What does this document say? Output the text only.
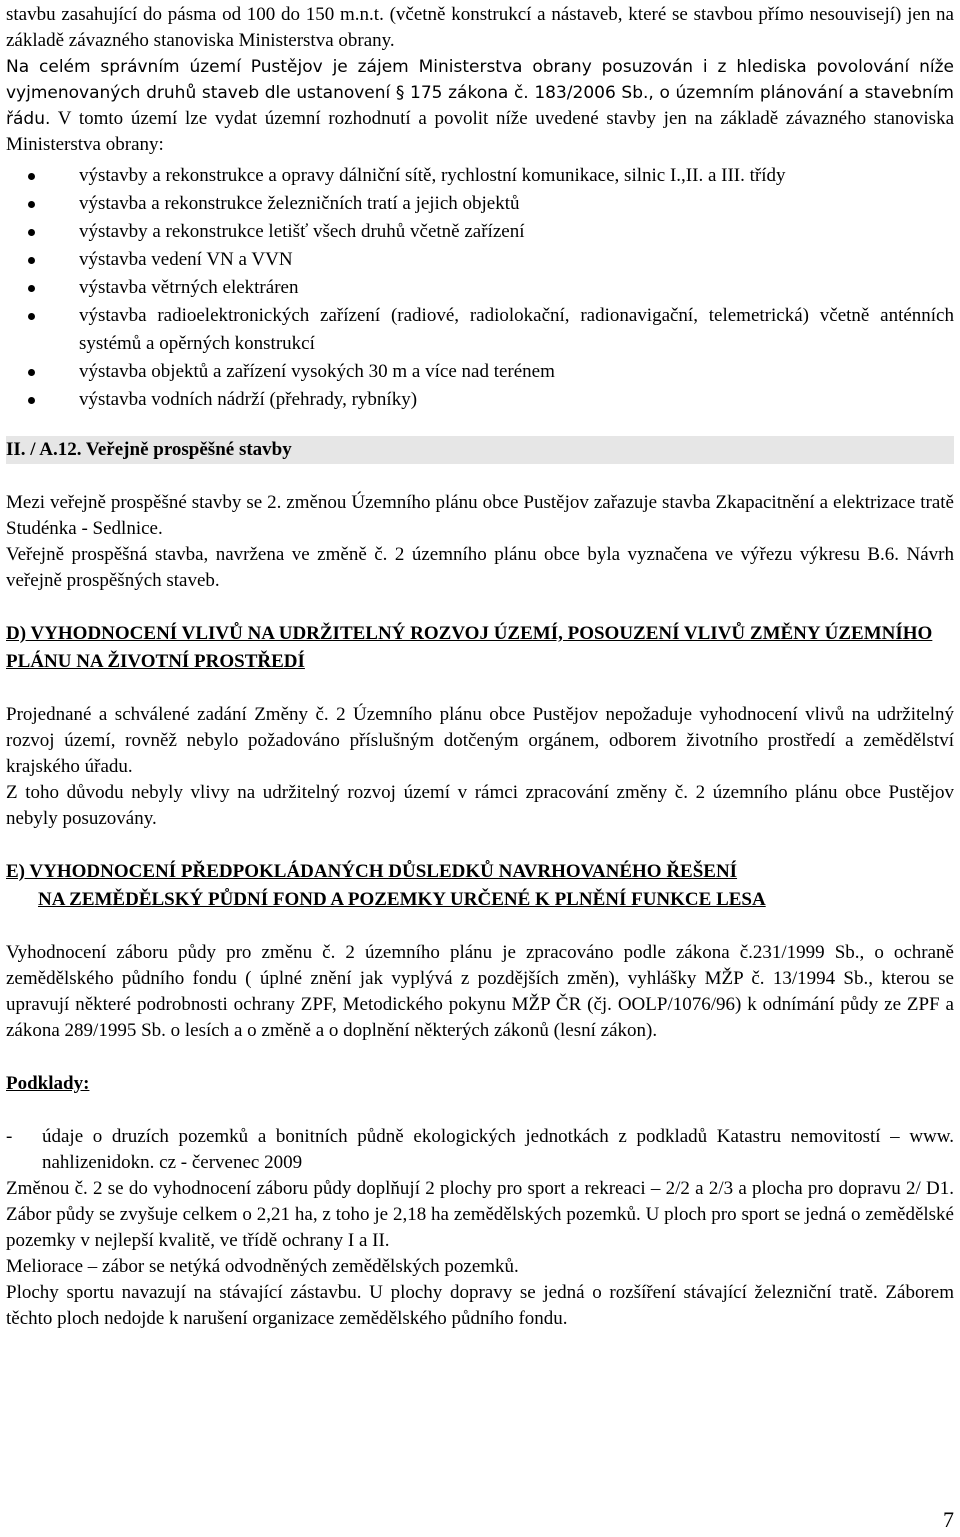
stavbu zasahující do pásma od 100 do 150 m.n.t. (včetně konstrukcí a nástaveb, které se stavbou přímo nesouvisejí) jen na základě závazného stanoviska Ministerstva obrany.

Na celém správním území Pustějov je zájem Ministerstva obrany posuzován i z hlediska povolování níže vyjmenovaných druhů staveb dle ustanovení § 175 zákona č. 183/2006 Sb., o územním plánování a stavebním řádu. V tomto území lze vydat územní rozhodnutí a povolit níže uvedené stavby jen na základě závazného stanoviska Ministerstva obrany:

výstavby a rekonstrukce a opravy dálniční sítě, rychlostní komunikace, silnic I.,II. a III. třídy
výstavba a rekonstrukce železničních tratí a jejich objektů
výstavby a rekonstrukce letišť všech druhů včetně zařízení
výstavba vedení VN a VVN
výstavba větrných elektráren
výstavba radioelektronických zařízení (radiové, radiolokační, radionavigační, telemetrická) včetně anténních systémů a opěrných konstrukcí
výstavba objektů a zařízení vysokých 30 m a více nad terénem
výstavba vodních nádrží (přehrady, rybníky)
II. / A.12. Veřejně prospěšné stavby

Mezi veřejně prospěšné stavby se 2. změnou Územního plánu obce Pustějov zařazuje stavba Zkapacitnění a elektrizace tratě Studénka - Sedlnice.

Veřejně prospěšná stavba, navržena ve změně č. 2 územního plánu obce byla vyznačena ve výřezu výkresu B.6. Návrh veřejně prospěšných staveb.

D) VYHODNOCENÍ VLIVŮ NA UDRŽITELNÝ ROZVOJ ÚZEMÍ, POSOUZENÍ VLIVŮ ZMĚNY ÚZEMNÍHO PLÁNU NA ŽIVOTNÍ PROSTŘEDÍ

Projednané a schválené zadání Změny č. 2 Územního plánu obce Pustějov nepožaduje vyhodnocení vlivů na udržitelný rozvoj území, rovněž nebylo požadováno příslušným dotčeným orgánem, odborem životního prostředí a zemědělství krajského úřadu.

Z toho důvodu nebyly vlivy na udržitelný rozvoj území v rámci zpracování změny č. 2 územního plánu obce Pustějov nebyly posuzovány.

E) VYHODNOCENÍ PŘEDPOKLÁDANÝCH DŮSLEDKŮ NAVRHOVANÉHO ŘEŠENÍ
NA ZEMĚDĚLSKÝ PŮDNÍ FOND A POZEMKY URČENÉ K PLNĚNÍ FUNKCE LESA

Vyhodnocení záboru půdy pro změnu č. 2 územního plánu je zpracováno podle zákona č.231/1999 Sb., o ochraně zemědělského půdního fondu ( úplné znění jak vyplývá z pozdějších změn), vyhlášky MŽP č. 13/1994 Sb., kterou se upravují některé podrobnosti ochrany ZPF, Metodického pokynu MŽP ČR (čj. OOLP/1076/96) k odnímání půdy ze ZPF a zákona 289/1995 Sb. o lesích a o změně a o doplnění některých zákonů (lesní zákon).

Podklady:

- údaje o druzích pozemků a bonitních půdně ekologických jednotkách z podkladů Katastru nemovitostí – www. nahlizenidokn. cz - červenec 2009

Změnou č. 2 se do vyhodnocení záboru půdy doplňují 2 plochy pro sport a rekreaci – 2/2 a 2/3 a plocha pro dopravu 2/ D1. Zábor půdy se zvyšuje celkem o 2,21 ha, z toho je 2,18 ha zemědělských pozemků. U ploch pro sport se jedná o zemědělské pozemky v nejlepší kvalitě, ve třídě ochrany I a II.

Meliorace – zábor se netýká odvodněných zemědělských pozemků.

Plochy sportu navazují na stávající zástavbu. U plochy dopravy se jedná o rozšíření stávající železniční tratě. Záborem těchto ploch nedojde k narušení organizace zemědělského půdního fondu.

7
